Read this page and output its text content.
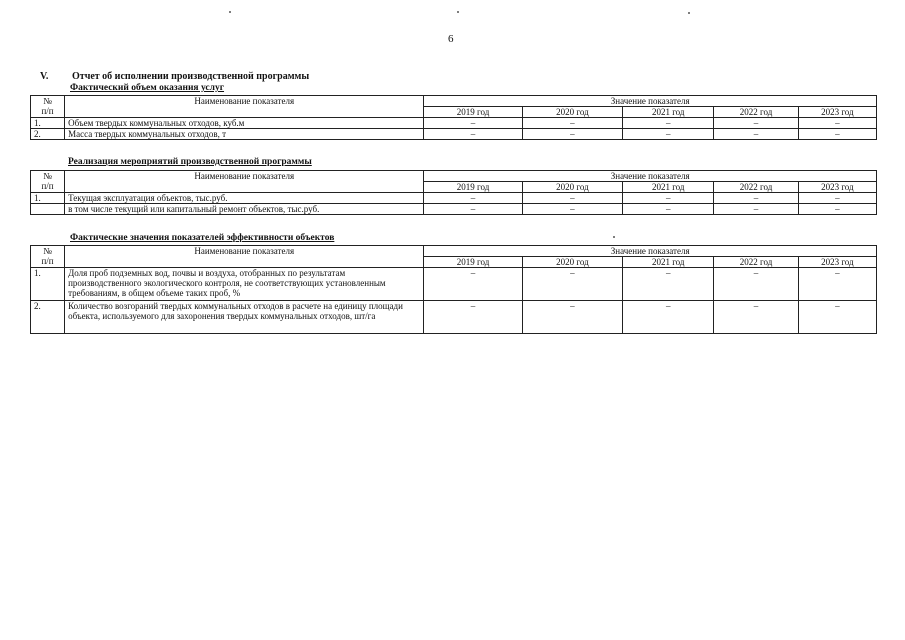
6
V. Отчет об исполнении производственной программы
Фактический объем оказания услуг
№
п/п	Наименование показателя	Значение показателя				
		2019 год	2020 год	2021 год	2022 год	2023 год
1.	Объем твердых коммунальных отходов, куб.м	–	–	–	–	–
2.	Масса твердых коммунальных отходов, т	–	–	–	–	–
Реализация мероприятий производственной программы
№
п/п	Наименование показателя	Значение показателя				
		2019 год	2020 год	2021 год	2022 год	2023 год
1.	Текущая эксплуатация объектов, тыс.руб.	–	–	–	–	–
	в том числе текущий или капитальный ремонт объектов, тыс.руб.	–	–	–	–	–
Фактические значения показателей эффективности объектов
№
п/п	Наименование показателя	Значение показателя				
		2019 год	2020 год	2021 год	2022 год	2023 год
1.	Доля проб подземных вод, почвы и воздуха, отобранных по результатам производственного экологического контроля, не соответствующих установленным требованиям, в общем объеме таких проб, %	–	–	–	–	–
2.	Количество возгораний твердых коммунальных отходов в расчете на единицу площади объекта, используемого для захоронения твердых коммунальных отходов, шт/га	–	–	–	–	–
